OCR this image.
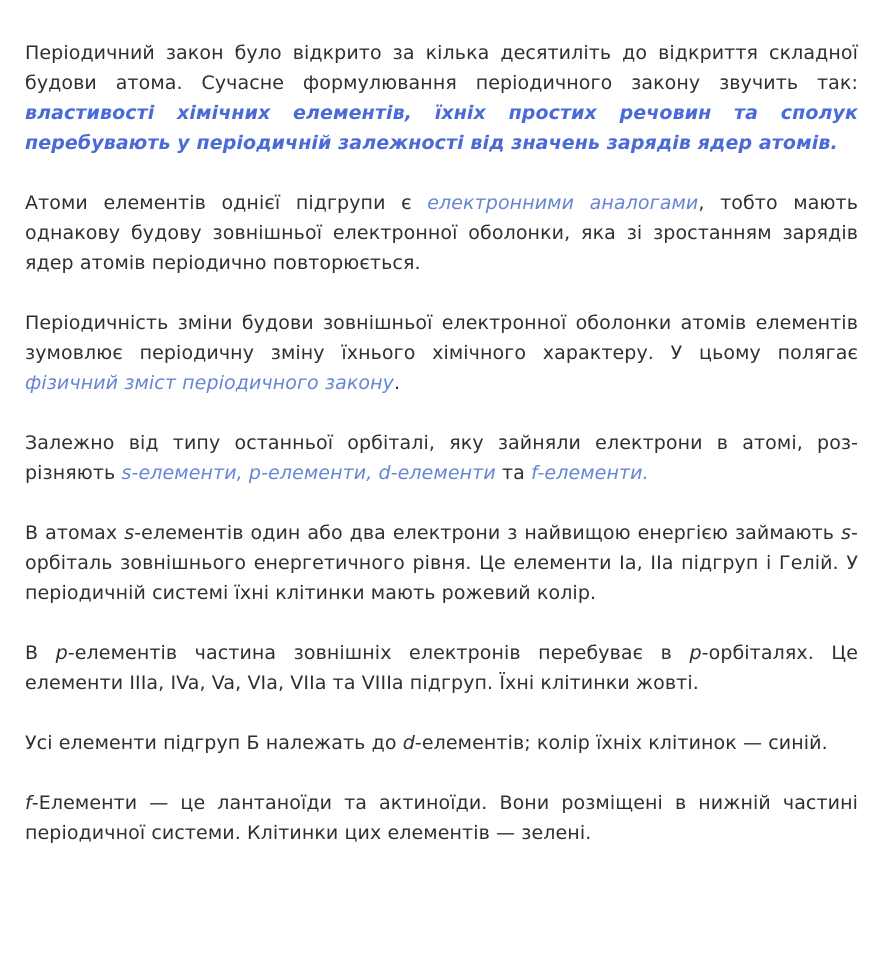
Періодичний закон було відкрито за кілька десятиліть до відкриття складної будови атома. Сучасне формулювання періодичного закону звучить так: властивості хімічних елементів, їхніх простих речовин та сполук перебувають у періодичній залежності від значень зарядів ядер атомів.

Атоми елементів однієї підгрупи є електронними аналогами, тобто мають однакову будову зовнішньої електронної оболонки, яка зі зростанням зарядів ядер атомів періодично повторюється.

Періодичність зміни будови зовнішньої електронної оболонки атомів елементів зумовлює періодичну зміну їхнього хімічного характеру. У цьому полягає фізичний зміст періодичного закону.

Залежно від типу останньої орбіталі, яку зайняли електрони в атомі, розрізняють s-елементи, p-елементи, d-елементи та f-елементи.

В атомах s-елементів один або два електрони з найвищою енергією займають s-орбіталь зовнішнього енергетичного рівня. Це елементи Ia, IIa підгруп і Гелій. У періодичній системі їхні клітинки мають рожевий колір.

В p-елементів частина зовнішніх електронів перебуває в p-орбіталях. Це елементи IIIa, IVa, Va, VIa, VIIa та VIIIa підгруп. Їхні клітинки жовті.

Усі елементи підгруп Б належать до d-елементів; колір їхніх клітинок — синій.

f-Елементи — це лантаноїди та актиноїди. Вони розміщені в нижній частині періодичної системи. Клітинки цих елементів — зелені.
